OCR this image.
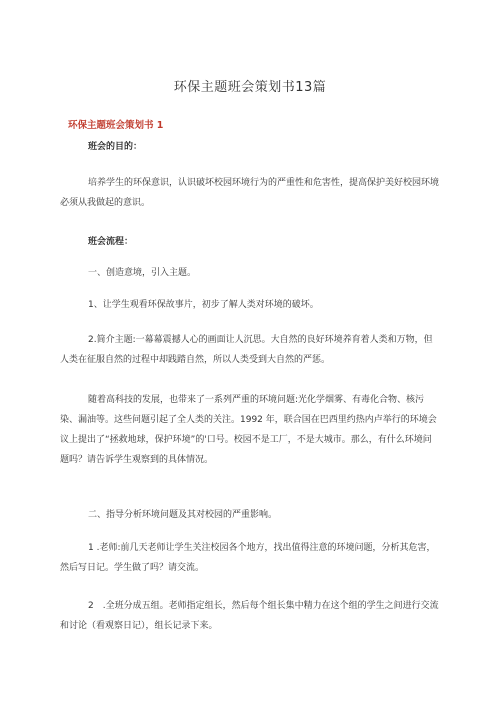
环保主题班会策划书13篇
环保主题班会策划书 1
班会的目的：
培养学生的环保意识，认识破坏校园环境行为的严重性和危害性，提高保护美好校园环境必须从我做起的意识。
班会流程：
一、创造意境，引入主题。
1、让学生观看环保故事片，初步了解人类对环境的破坏。
2.简介主题:一幕幕震撼人心的画面让人沉思。大自然的良好环境养育着人类和万物，但人类在征服自然的过程中却践踏自然，所以人类受到大自然的严惩。
随着高科技的发展，也带来了一系列严重的环境问题:光化学烟雾、有毒化合物、核污染、漏油等。这些问题引起了全人类的关注。1992 年，联合国在巴西里约热内卢举行的环境会议上提出了“拯救地球，保护环境”的'口号。校园不是工厂，不是大城市。那么，有什么环境问题吗？请告诉学生观察到的具体情况。
二、指导分析环境问题及其对校园的严重影响。
1 .老师:前几天老师让学生关注校园各个地方，找出值得注意的环境问题，分析其危害，然后写日记。学生做了吗？请交流。
2　.全班分成五组。老师指定组长，然后每个组长集中精力在这个组的学生之间进行交流和讨论（看观察日记），组长记录下来。
